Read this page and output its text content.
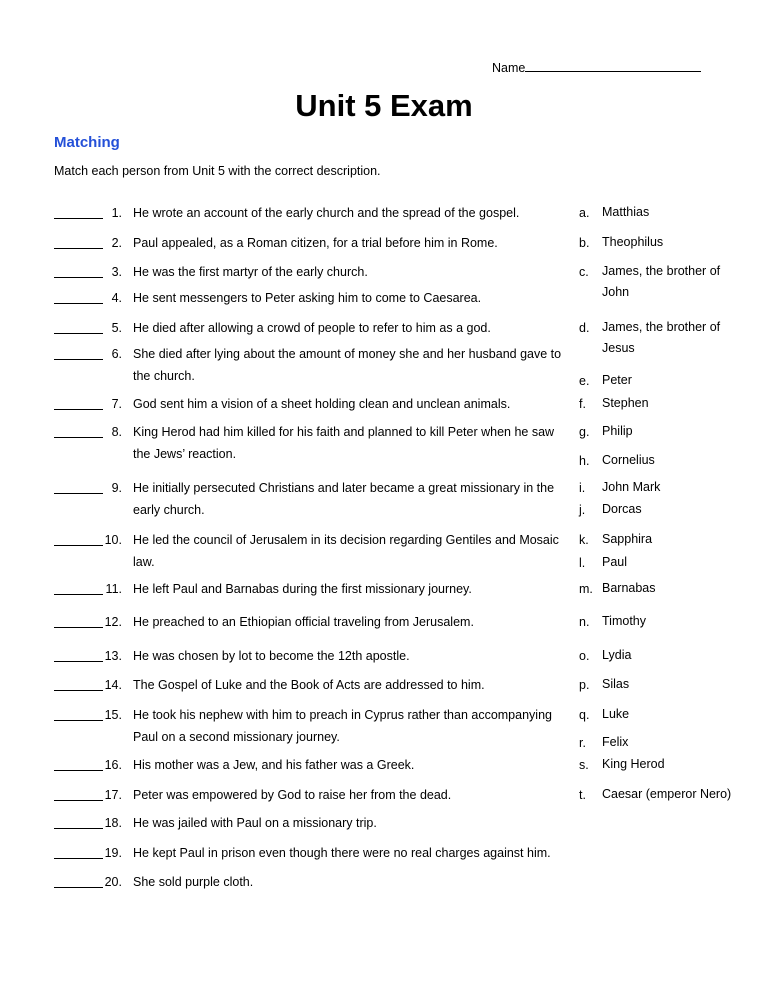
Name
Unit 5 Exam
Matching
Match each person from Unit 5 with the correct description.
1. He wrote an account of the early church and the spread of the gospel.
2. Paul appealed, as a Roman citizen, for a trial before him in Rome.
3. He was the first martyr of the early church.
4. He sent messengers to Peter asking him to come to Caesarea.
5. He died after allowing a crowd of people to refer to him as a god.
6. She died after lying about the amount of money she and her husband gave to the church.
7. God sent him a vision of a sheet holding clean and unclean animals.
8. King Herod had him killed for his faith and planned to kill Peter when he saw the Jews’ reaction.
9. He initially persecuted Christians and later became a great missionary in the early church.
10. He led the council of Jerusalem in its decision regarding Gentiles and Mosaic law.
11. He left Paul and Barnabas during the first missionary journey.
12. He preached to an Ethiopian official traveling from Jerusalem.
13. He was chosen by lot to become the 12th apostle.
14. The Gospel of Luke and the Book of Acts are addressed to him.
15. He took his nephew with him to preach in Cyprus rather than accompanying Paul on a second missionary journey.
16. His mother was a Jew, and his father was a Greek.
17. Peter was empowered by God to raise her from the dead.
18. He was jailed with Paul on a missionary trip.
19. He kept Paul in prison even though there were no real charges against him.
20. She sold purple cloth.
a.	Matthias
b.	Theophilus
c.	James, the brother of John
d.	James, the brother of Jesus
e.	Peter
f.	Stephen
g.	Philip
h.	Cornelius
i.	John Mark
j.	Dorcas
k.	Sapphira
l.	Paul
m. Barnabas
n.	Timothy
o.	Lydia
p.	Silas
q.	Luke
r.	Felix
s.	King Herod
t.	Caesar (emperor Nero)
